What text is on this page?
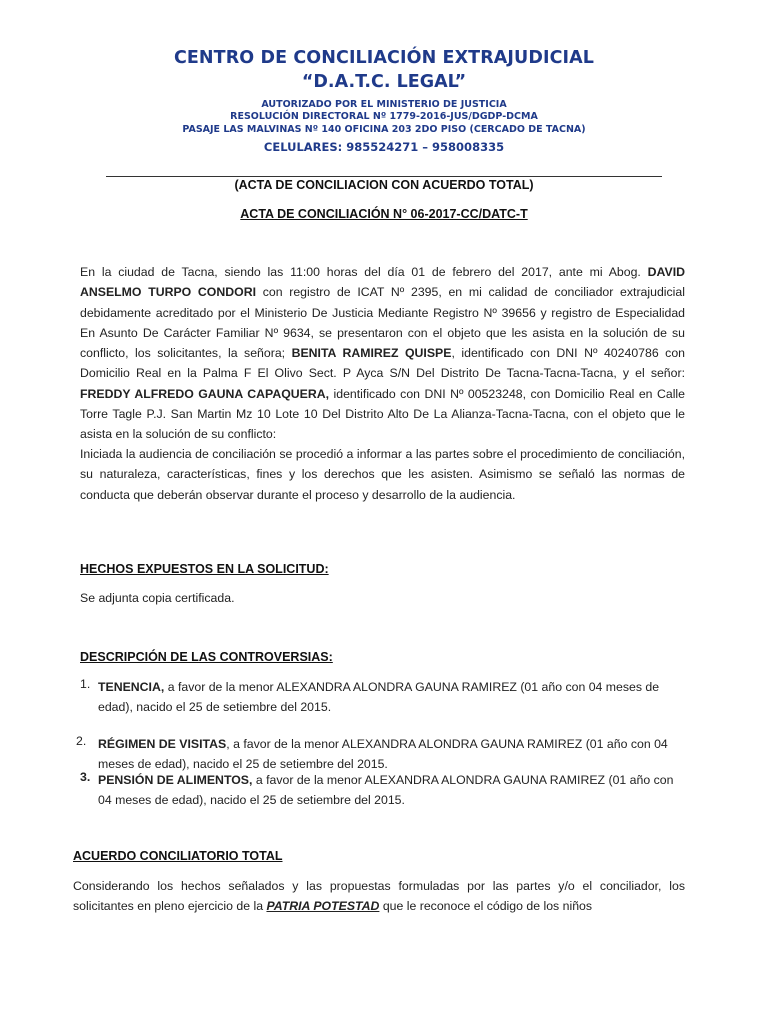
CENTRO DE CONCILIACIÓN EXTRAJUDICIAL
“D.A.T.C. LEGAL”
AUTORIZADO POR EL MINISTERIO DE JUSTICIA
RESOLUCIÓN DIRECTORAL Nº 1779-2016-JUS/DGDP-DCMA
PASAJE LAS MALVINAS Nº 140 OFICINA 203 2DO PISO (CERCADO DE TACNA)
CELULARES: 985524271 – 958008335
(ACTA DE CONCILIACION CON ACUERDO TOTAL)
ACTA DE CONCILIACIÓN N° 06-2017-CC/DATC-T
En la ciudad de Tacna, siendo las 11:00 horas del día 01 de febrero del 2017, ante mi Abog. DAVID ANSELMO TURPO CONDORI con registro de ICAT Nº 2395, en mi calidad de conciliador extrajudicial debidamente acreditado por el Ministerio De Justicia Mediante Registro Nº 39656 y registro de Especialidad En Asunto De Carácter Familiar Nº 9634, se presentaron con el objeto que les asista en la solución de su conflicto, los solicitantes, la señora; BENITA RAMIREZ QUISPE, identificado con DNI Nº 40240786 con Domicilio Real en la Palma F El Olivo Sect. P Ayca S/N Del Distrito De Tacna-Tacna-Tacna, y el señor: FREDDY ALFREDO GAUNA CAPAQUERA, identificado con DNI Nº 00523248, con Domicilio Real en Calle Torre Tagle P.J. San Martin Mz 10 Lote 10 Del Distrito Alto De La Alianza-Tacna-Tacna, con el objeto que le asista en la solución de su conflicto:
Iniciada la audiencia de conciliación se procedió a informar a las partes sobre el procedimiento de conciliación, su naturaleza, características, fines y los derechos que les asisten. Asimismo se señaló las normas de conducta que deberán observar durante el proceso y desarrollo de la audiencia.
HECHOS EXPUESTOS EN LA SOLICITUD:
Se adjunta copia certificada.
DESCRIPCIÓN DE LAS CONTROVERSIAS:
1. TENENCIA, a favor de la menor ALEXANDRA ALONDRA GAUNA RAMIREZ (01 año con 04 meses de edad), nacido el 25 de setiembre del 2015.
2. RÉGIMEN DE VISITAS, a favor de la menor ALEXANDRA ALONDRA GAUNA RAMIREZ (01 año con 04 meses de edad), nacido el 25 de setiembre del 2015.
3. PENSIÓN DE ALIMENTOS, a favor de la menor ALEXANDRA ALONDRA GAUNA RAMIREZ (01 año con 04 meses de edad), nacido el 25 de setiembre del 2015.
ACUERDO CONCILIATORIO TOTAL
Considerando los hechos señalados y las propuestas formuladas por las partes y/o el conciliador, los solicitantes en pleno ejercicio de la PATRIA POTESTAD que le reconoce el código de los niños
